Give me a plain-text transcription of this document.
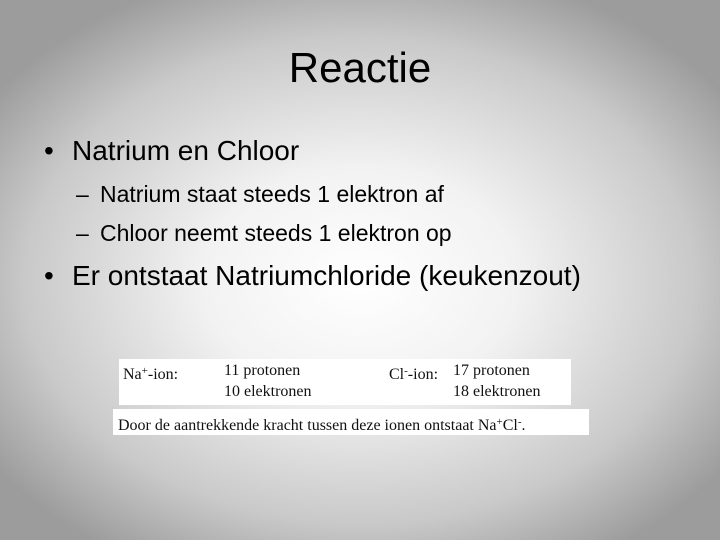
Reactie
• Natrium en Chloor
– Natrium staat steeds 1 elektron af
– Chloor neemt steeds 1 elektron op
• Er ontstaat Natriumchloride (keukenzout)
Na+-ion:	11 protonen
10 elektronen
Cl--ion: 17 protonen
18 elektronen
Door de aantrekkende kracht tussen deze ionen ontstaat Na+Cl-.
